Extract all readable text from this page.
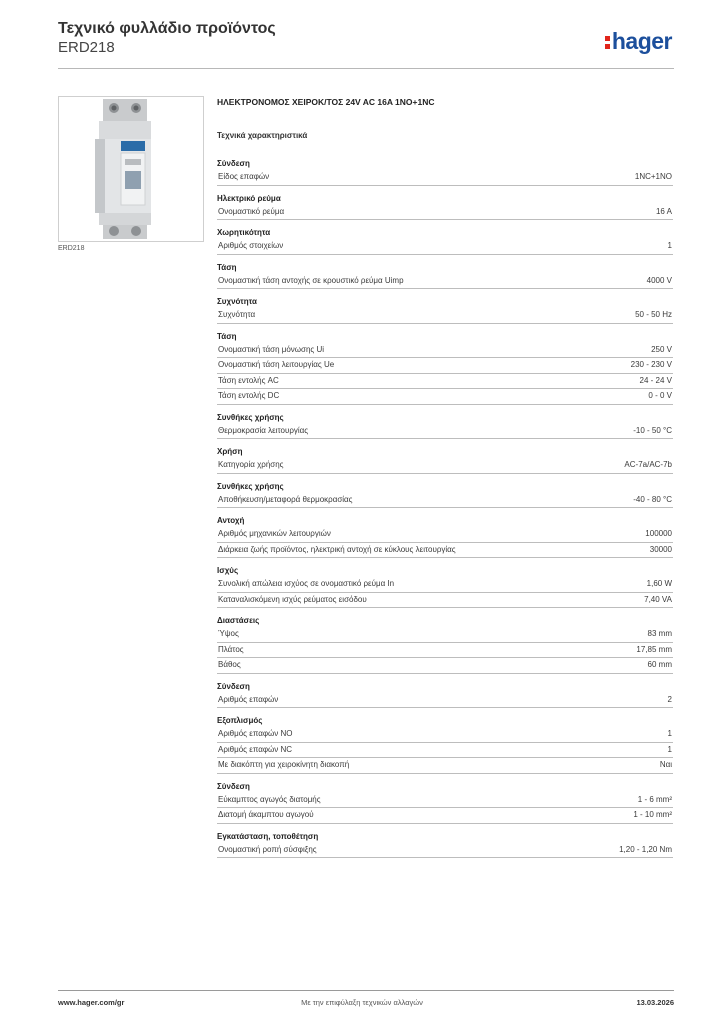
Τεχνικό φυλλάδιο προϊόντος
ERD218	hager
ERD218
ΗΛΕΚΤΡΟΝΟΜΟΣ ΧΕΙΡΟΚ/ΤΟΣ 24V AC 16A 1NO+1NC
Τεχνικά χαρακτηριστικά
Σύνδεση
Είδος επαφών	1NC+1NO
Ηλεκτρικό ρεύμα
Ονομαστικό ρεύμα	16 A
Χωρητικότητα
Αριθμός στοιχείων	1
Τάση
Ονομαστική τάση αντοχής σε κρουστικό ρεύμα Uimp	4000 V
Συχνότητα
Συχνότητα	50 - 50 Hz
Τάση
Ονομαστική τάση μόνωσης Ui	250 V
Ονομαστική τάση λειτουργίας Ue	230 - 230 V
Τάση εντολής AC	24 - 24 V
Τάση εντολής DC	0 - 0 V
Συνθήκες χρήσης
Θερμοκρασία λειτουργίας	-10 - 50 °C
Χρήση
Κατηγορία χρήσης	AC-7a/AC-7b
Συνθήκες χρήσης
Αποθήκευση/μεταφορά θερμοκρασίας	-40 - 80 °C
Αντοχή
Αριθμός μηχανικών λειτουργιών	100000
Διάρκεια ζωής προϊόντος, ηλεκτρική αντοχή σε κύκλους λειτουργίας	30000
Ισχύς
Συνολική απώλεια ισχύος σε ονομαστικό ρεύμα In	1,60 W
Καταναλισκόμενη ισχύς ρεύματος εισόδου	7,40 VA
Διαστάσεις
Ύψος	83 mm
Πλάτος	17,85 mm
Βάθος	60 mm
Σύνδεση
Αριθμός επαφών	2
Εξοπλισμός
Αριθμός επαφών NO	1
Αριθμός επαφών NC	1
Με διακόπτη για χειροκίνητη διακοπή	Ναι
Σύνδεση
Εύκαμπτος αγωγός διατομής	1 - 6 mm²
Διατομή άκαμπτου αγωγού	1 - 10 mm²
Εγκατάσταση, τοποθέτηση
Ονομαστική ροπή σύσφιξης	1,20 - 1,20 Nm
www.hager.com/gr	Με την επιφύλαξη τεχνικών αλλαγών	13.03.2026
